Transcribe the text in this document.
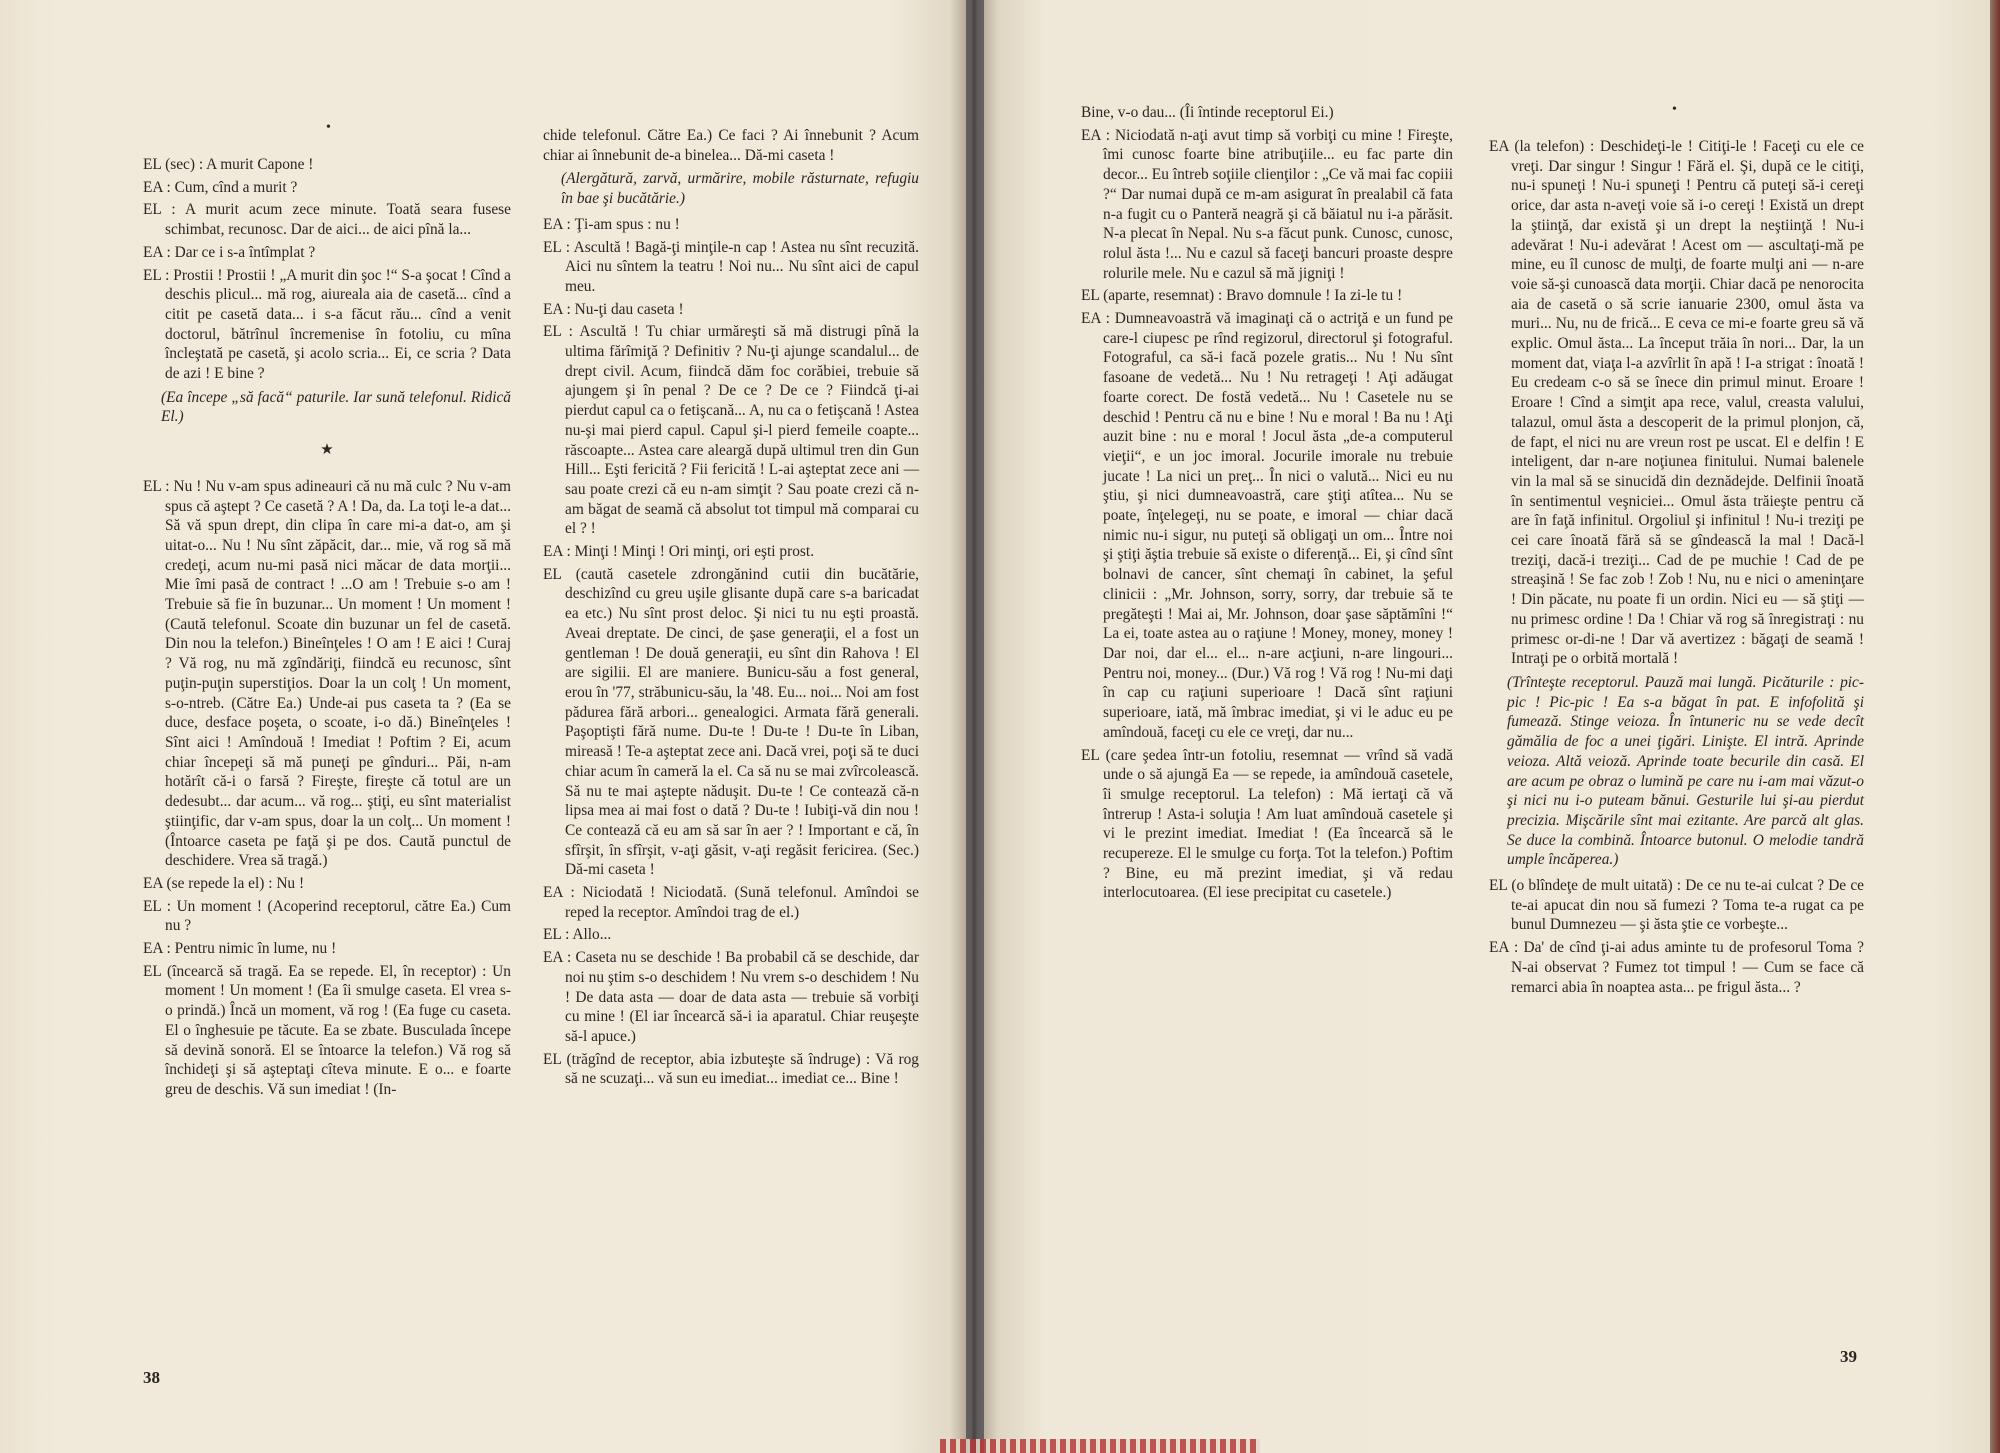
•

EL (sec) : A murit Capone !

EA : Cum, cînd a murit ?

EL : A murit acum zece minute. Toată seara fusese schimbat, recunosc. Dar de aici... de aici pînă la...

EA : Dar ce i s-a întîmplat ?

EL : Prostii ! Prostii ! „A murit din şoc !“ S-a şocat ! Cînd a deschis plicul... mă rog, aiureala aia de casetă... cînd a citit pe casetă data... i s-a făcut rău... cînd a venit doctorul, bătrînul încremenise în fotoliu, cu mîna încleştată pe casetă, şi acolo scria... Ei, ce scria ? Data de azi ! E bine ?

(Ea începe „să facă“ paturile. Iar sună telefonul. Ridică El.)

★

EL : Nu ! Nu v-am spus adineauri că nu mă culc ? Nu v-am spus că aştept ? Ce casetă ? A ! Da, da. La toţi le-a dat... Să vă spun drept, din clipa în care mi-a dat-o, am şi uitat-o... Nu ! Nu sînt zăpăcit, dar... mie, vă rog să mă credeţi, acum nu-mi pasă nici măcar de data morţii... Mie îmi pasă de contract ! ...O am ! Trebuie s-o am ! Trebuie să fie în buzunar... Un moment ! Un moment ! (Caută telefonul. Scoate din buzunar un fel de casetă. Din nou la telefon.) Bineînţeles ! O am ! E aici ! Curaj ? Vă rog, nu mă zgîndăriţi, fiindcă eu recunosc, sînt puţin-puţin superstiţios. Doar la un colţ ! Un moment, s-o-ntreb. (Către Ea.) Unde-ai pus caseta ta ? (Ea se duce, desface poşeta, o scoate, i-o dă.) Bineînţeles ! Sînt aici ! Amîndouă ! Imediat ! Poftim ? Ei, acum chiar începeţi să mă puneţi pe gînduri... Păi, n-am hotărît că-i o farsă ? Fireşte, fireşte că totul are un dedesubt... dar acum... vă rog... ştiţi, eu sînt materialist ştiinţific, dar v-am spus, doar la un colţ... Un moment ! (Întoarce caseta pe faţă şi pe dos. Caută punctul de deschidere. Vrea să tragă.)

EA (se repede la el) : Nu !

EL : Un moment ! (Acoperind receptorul, către Ea.) Cum nu ?

EA : Pentru nimic în lume, nu !

EL (încearcă să tragă. Ea se repede. El, în receptor) : Un moment ! Un moment ! (Ea îi smulge caseta. El vrea s-o prindă.) Încă un moment, vă rog ! (Ea fuge cu caseta. El o înghesuie pe tăcute. Ea se zbate. Busculada începe să devină sonoră. El se întoarce la telefon.) Vă rog să închideţi şi să aşteptaţi cîteva minute. E o... e foarte greu de deschis. Vă sun imediat ! (In-

chide telefonul. Către Ea.) Ce faci ? Ai înnebunit ? Acum chiar ai înnebunit de-a binelea... Dă-mi caseta !

(Alergătură, zarvă, urmărire, mobile răsturnate, refugiu în bae şi bucătărie.)

EA : Ţi-am spus : nu !

EL : Ascultă ! Bagă-ţi minţile-n cap ! Astea nu sînt recuzită. Aici nu sîntem la teatru ! Noi nu... Nu sînt aici de capul meu.

EA : Nu-ţi dau caseta !

EL : Ascultă ! Tu chiar urmăreşti să mă distrugi pînă la ultima fărîmiţă ? Definitiv ? Nu-ţi ajunge scandalul... de drept civil. Acum, fiindcă dăm foc corăbiei, trebuie să ajungem şi în penal ? De ce ? De ce ? Fiindcă ţi-ai pierdut capul ca o fetişcană... A, nu ca o fetişcană ! Astea nu-şi mai pierd capul. Capul şi-l pierd femeile coapte... răscoapte... Astea care aleargă după ultimul tren din Gun Hill... Eşti fericită ? Fii fericită ! L-ai aşteptat zece ani — sau poate crezi că eu n-am simţit ? Sau poate crezi că n-am băgat de seamă că absolut tot timpul mă comparai cu el ? !

EA : Minţi ! Minţi ! Ori minţi, ori eşti prost.

EL (caută casetele zdrongănind cutii din bucătărie, deschizînd cu greu uşile glisante după care s-a baricadat ea etc.) Nu sînt prost deloc. Şi nici tu nu eşti proastă. Aveai dreptate. De cinci, de şase generaţii, el a fost un gentleman ! De două generaţii, eu sînt din Rahova ! El are sigilii. El are maniere. Bunicu-său a fost general, erou în '77, străbunicu-său, la '48. Eu... noi... Noi am fost pădurea fără arbori... genealogici. Armata fără generali. Paşoptişti fără nume. Du-te ! Du-te ! Du-te în Liban, mireasă ! Te-a aşteptat zece ani. Dacă vrei, poţi să te duci chiar acum în cameră la el. Ca să nu se mai zvîrcolească. Să nu te mai aştepte năduşit. Du-te ! Ce contează că-n lipsa mea ai mai fost o dată ? Du-te ! Iubiţi-vă din nou ! Ce contează că eu am să sar în aer ? ! Important e că, în sfîrşit, în sfîrşit, v-aţi găsit, v-aţi regăsit fericirea. (Sec.) Dă-mi caseta !

EA : Niciodată ! Niciodată. (Sună telefonul. Amîndoi se reped la receptor. Amîndoi trag de el.)

EL : Allo...

EA : Caseta nu se deschide ! Ba probabil că se deschide, dar noi nu ştim s-o deschidem ! Nu vrem s-o deschidem ! Nu ! De data asta — doar de data asta — trebuie să vorbiţi cu mine ! (El iar încearcă să-i ia aparatul. Chiar reuşeşte să-l apuce.)

EL (trăgînd de receptor, abia izbuteşte să îndruge) : Vă rog să ne scuzaţi... vă sun eu imediat... imediat ce... Bine !

38
•

Bine, v-o dau... (Îi întinde receptorul Ei.)

EA : Niciodată n-aţi avut timp să vorbiţi cu mine ! Fireşte, îmi cunosc foarte bine atribuţiile... eu fac parte din decor... Eu întreb soţiile clienţilor : „Ce vă mai fac copiii ?“ Dar numai după ce m-am asigurat în prealabil că fata n-a fugit cu o Panteră neagră şi că băiatul nu i-a părăsit. N-a plecat în Nepal. Nu s-a făcut punk. Cunosc, cunosc, rolul ăsta !... Nu e cazul să faceţi bancuri proaste despre rolurile mele. Nu e cazul să mă jigniţi !

EL (aparte, resemnat) : Bravo domnule ! Ia zi-le tu !

EA : Dumneavoastră vă imaginaţi că o actriţă e un fund pe care-l ciupesc pe rînd regizorul, directorul şi fotograful. Fotograful, ca să-i facă pozele gratis... Nu ! Nu sînt fasoane de vedetă... Nu ! Nu retrageţi ! Aţi adăugat foarte corect. De fostă vedetă... Nu ! Casetele nu se deschid ! Pentru că nu e bine ! Nu e moral ! Ba nu ! Aţi auzit bine : nu e moral ! Jocul ăsta „de-a computerul vieţii“, e un joc imoral. Jocurile imorale nu trebuie jucate ! La nici un preţ... În nici o valută... Nici eu nu ştiu, şi nici dumneavoastră, care ştiţi atîtea... Nu se poate, înţelegeţi, nu se poate, e imoral — chiar dacă nimic nu-i sigur, nu puteţi să obligaţi un om... Între noi şi ştiţi ăştia trebuie să existe o diferenţă... Ei, şi cînd sînt bolnavi de cancer, sînt chemaţi în cabinet, la şeful clinicii : „Mr. Johnson, sorry, sorry, dar trebuie să te pregăteşti ! Mai ai, Mr. Johnson, doar şase săptămîni !“ La ei, toate astea au o raţiune ! Money, money, money ! Dar noi, dar el... el... n-are acţiuni, n-are lingouri... Pentru noi, money... (Dur.) Vă rog ! Vă rog ! Nu-mi daţi în cap cu raţiuni superioare ! Dacă sînt raţiuni superioare, iată, mă îmbrac imediat, şi vi le aduc eu pe amîndouă, faceţi cu ele ce vreţi, dar nu...

EL (care şedea într-un fotoliu, resemnat — vrînd să vadă unde o să ajungă Ea — se repede, ia amîndouă casetele, îi smulge receptorul. La telefon) : Mă iertaţi că vă întrerup ! Asta-i soluţia ! Am luat amîndouă casetele şi vi le prezint imediat. Imediat ! (Ea încearcă să le recupereze. El le smulge cu forţa. Tot la telefon.) Poftim ? Bine, eu mă prezint imediat, şi vă redau interlocutoarea. (El iese precipitat cu casetele.)

EA (la telefon) : Deschideţi-le ! Citiţi-le ! Faceţi cu ele ce vreţi. Dar singur ! Singur ! Fără el. Şi, după ce le citiţi, nu-i spuneţi ! Nu-i spuneţi ! Pentru că puteţi să-i cereţi orice, dar asta n-aveţi voie să i-o cereţi ! Există un drept la ştiinţă, dar există şi un drept la neştiinţă ! Nu-i adevărat ! Nu-i adevărat ! Acest om — ascultaţi-mă pe mine, eu îl cunosc de mulţi, de foarte mulţi ani — n-are voie să-şi cunoască data morţii. Chiar dacă pe nenorocita aia de casetă o să scrie ianuarie 2300, omul ăsta va muri... Nu, nu de frică... E ceva ce mi-e foarte greu să vă explic. Omul ăsta... La început trăia în nori... Dar, la un moment dat, viaţa l-a azvîrlit în apă ! I-a strigat : înoată ! Eu credeam c-o să se înece din primul minut. Eroare ! Eroare ! Cînd a simţit apa rece, valul, creasta valului, talazul, omul ăsta a descoperit de la primul plonjon, că, de fapt, el nici nu are vreun rost pe uscat. El e delfin ! E inteligent, dar n-are noţiunea finitului. Numai balenele vin la mal să se sinucidă din deznădejde. Delfinii înoată în sentimentul veşniciei... Omul ăsta trăieşte pentru că are în faţă infinitul. Orgoliul şi infinitul ! Nu-i treziţi pe cei care înoată fără să se gîndească la mal ! Dacă-l treziţi, dacă-i treziţi... Cad de pe muchie ! Cad de pe streaşină ! Se fac zob ! Zob ! Nu, nu e nici o ameninţare ! Din păcate, nu poate fi un ordin. Nici eu — să ştiţi — nu primesc ordine ! Da ! Chiar vă rog să înregistraţi : nu primesc or-di-ne ! Dar vă avertizez : băgaţi de seamă ! Intraţi pe o orbită mortală !

(Trînteşte receptorul. Pauză mai lungă. Picăturile : pic-pic ! Pic-pic ! Ea s-a băgat în pat. E infofolită şi fumează. Stinge veioza. În întuneric nu se vede decît gămălia de foc a unei ţigări. Linişte. El intră. Aprinde veioza. Altă veioză. Aprinde toate becurile din casă. El are acum pe obraz o lumină pe care nu i-am mai văzut-o şi nici nu i-o puteam bănui. Gesturile lui şi-au pierdut precizia. Mişcările sînt mai ezitante. Are parcă alt glas. Se duce la combină. Întoarce butonul. O melodie tandră umple încăperea.)

EL (o blîndeţe de mult uitată) : De ce nu te-ai culcat ? De ce te-ai apucat din nou să fumezi ? Toma te-a rugat ca pe bunul Dumnezeu — şi ăsta ştie ce vorbeşte...

EA : Da' de cînd ţi-ai adus aminte tu de profesorul Toma ? N-ai observat ? Fumez tot timpul ! — Cum se face că remarci abia în noaptea asta... pe frigul ăsta... ?

39
